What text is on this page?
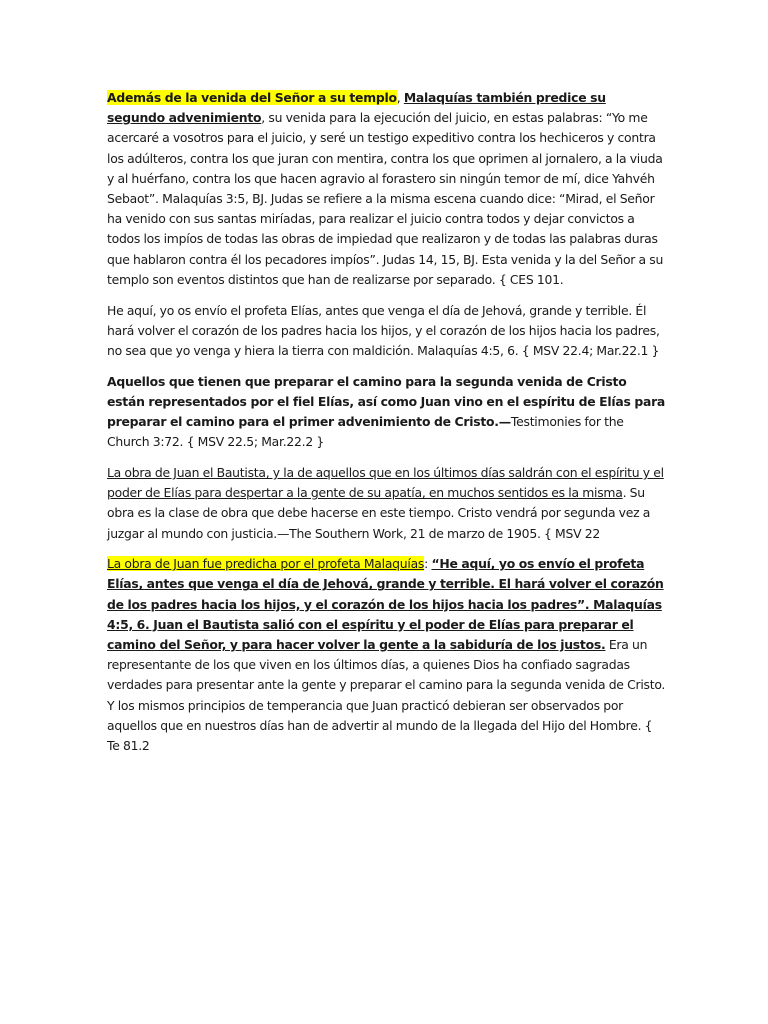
Además de la venida del Señor a su templo, Malaquías también predice su segundo advenimiento, su venida para la ejecución del juicio, en estas palabras: “Yo me acercaré a vosotros para el juicio, y seré un testigo expeditivo contra los hechiceros y contra los adúlteros, contra los que juran con mentira, contra los que oprimen al jornalero, a la viuda y al huérfano, contra los que hacen agravio al forastero sin ningún temor de mí, dice Yahvéh Sebaot”. Malaquías 3:5, BJ. Judas se refiere a la misma escena cuando dice: “Mirad, el Señor ha venido con sus santas miríadas, para realizar el juicio contra todos y dejar convictos a todos los impíos de todas las obras de impiedad que realizaron y de todas las palabras duras que hablaron contra él los pecadores impíos”. Judas 14, 15, BJ. Esta venida y la del Señor a su templo son eventos distintos que han de realizarse por separado. { CES 101.

He aquí, yo os envío el profeta Elías, antes que venga el día de Jehová, grande y terrible. Él hará volver el corazón de los padres hacia los hijos, y el corazón de los hijos hacia los padres, no sea que yo venga y hiera la tierra con maldición. Malaquías 4:5, 6. { MSV 22.4; Mar.22.1 }

Aquellos que tienen que preparar el camino para la segunda venida de Cristo están representados por el fiel Elías, así como Juan vino en el espíritu de Elías para preparar el camino para el primer advenimiento de Cristo.—Testimonies for the Church 3:72. { MSV 22.5; Mar.22.2 }

La obra de Juan el Bautista, y la de aquellos que en los últimos días saldrán con el espíritu y el poder de Elías para despertar a la gente de su apatía, en muchos sentidos es la misma. Su obra es la clase de obra que debe hacerse en este tiempo. Cristo vendrá por segunda vez a juzgar al mundo con justicia.—The Southern Work, 21 de marzo de 1905. { MSV 22

La obra de Juan fue predicha por el profeta Malaquías: “He aquí, yo os envío el profeta Elías, antes que venga el día de Jehová, grande y terrible. El hará volver el corazón de los padres hacia los hijos, y el corazón de los hijos hacia los padres”. Malaquías 4:5, 6. Juan el Bautista salió con el espíritu y el poder de Elías para preparar el camino del Señor, y para hacer volver la gente a la sabiduría de los justos. Era un representante de los que viven en los últimos días, a quienes Dios ha confiado sagradas verdades para presentar ante la gente y preparar el camino para la segunda venida de Cristo. Y los mismos principios de temperancia que Juan practicó debieran ser observados por aquellos que en nuestros días han de advertir al mundo de la llegada del Hijo del Hombre. { Te 81.2
